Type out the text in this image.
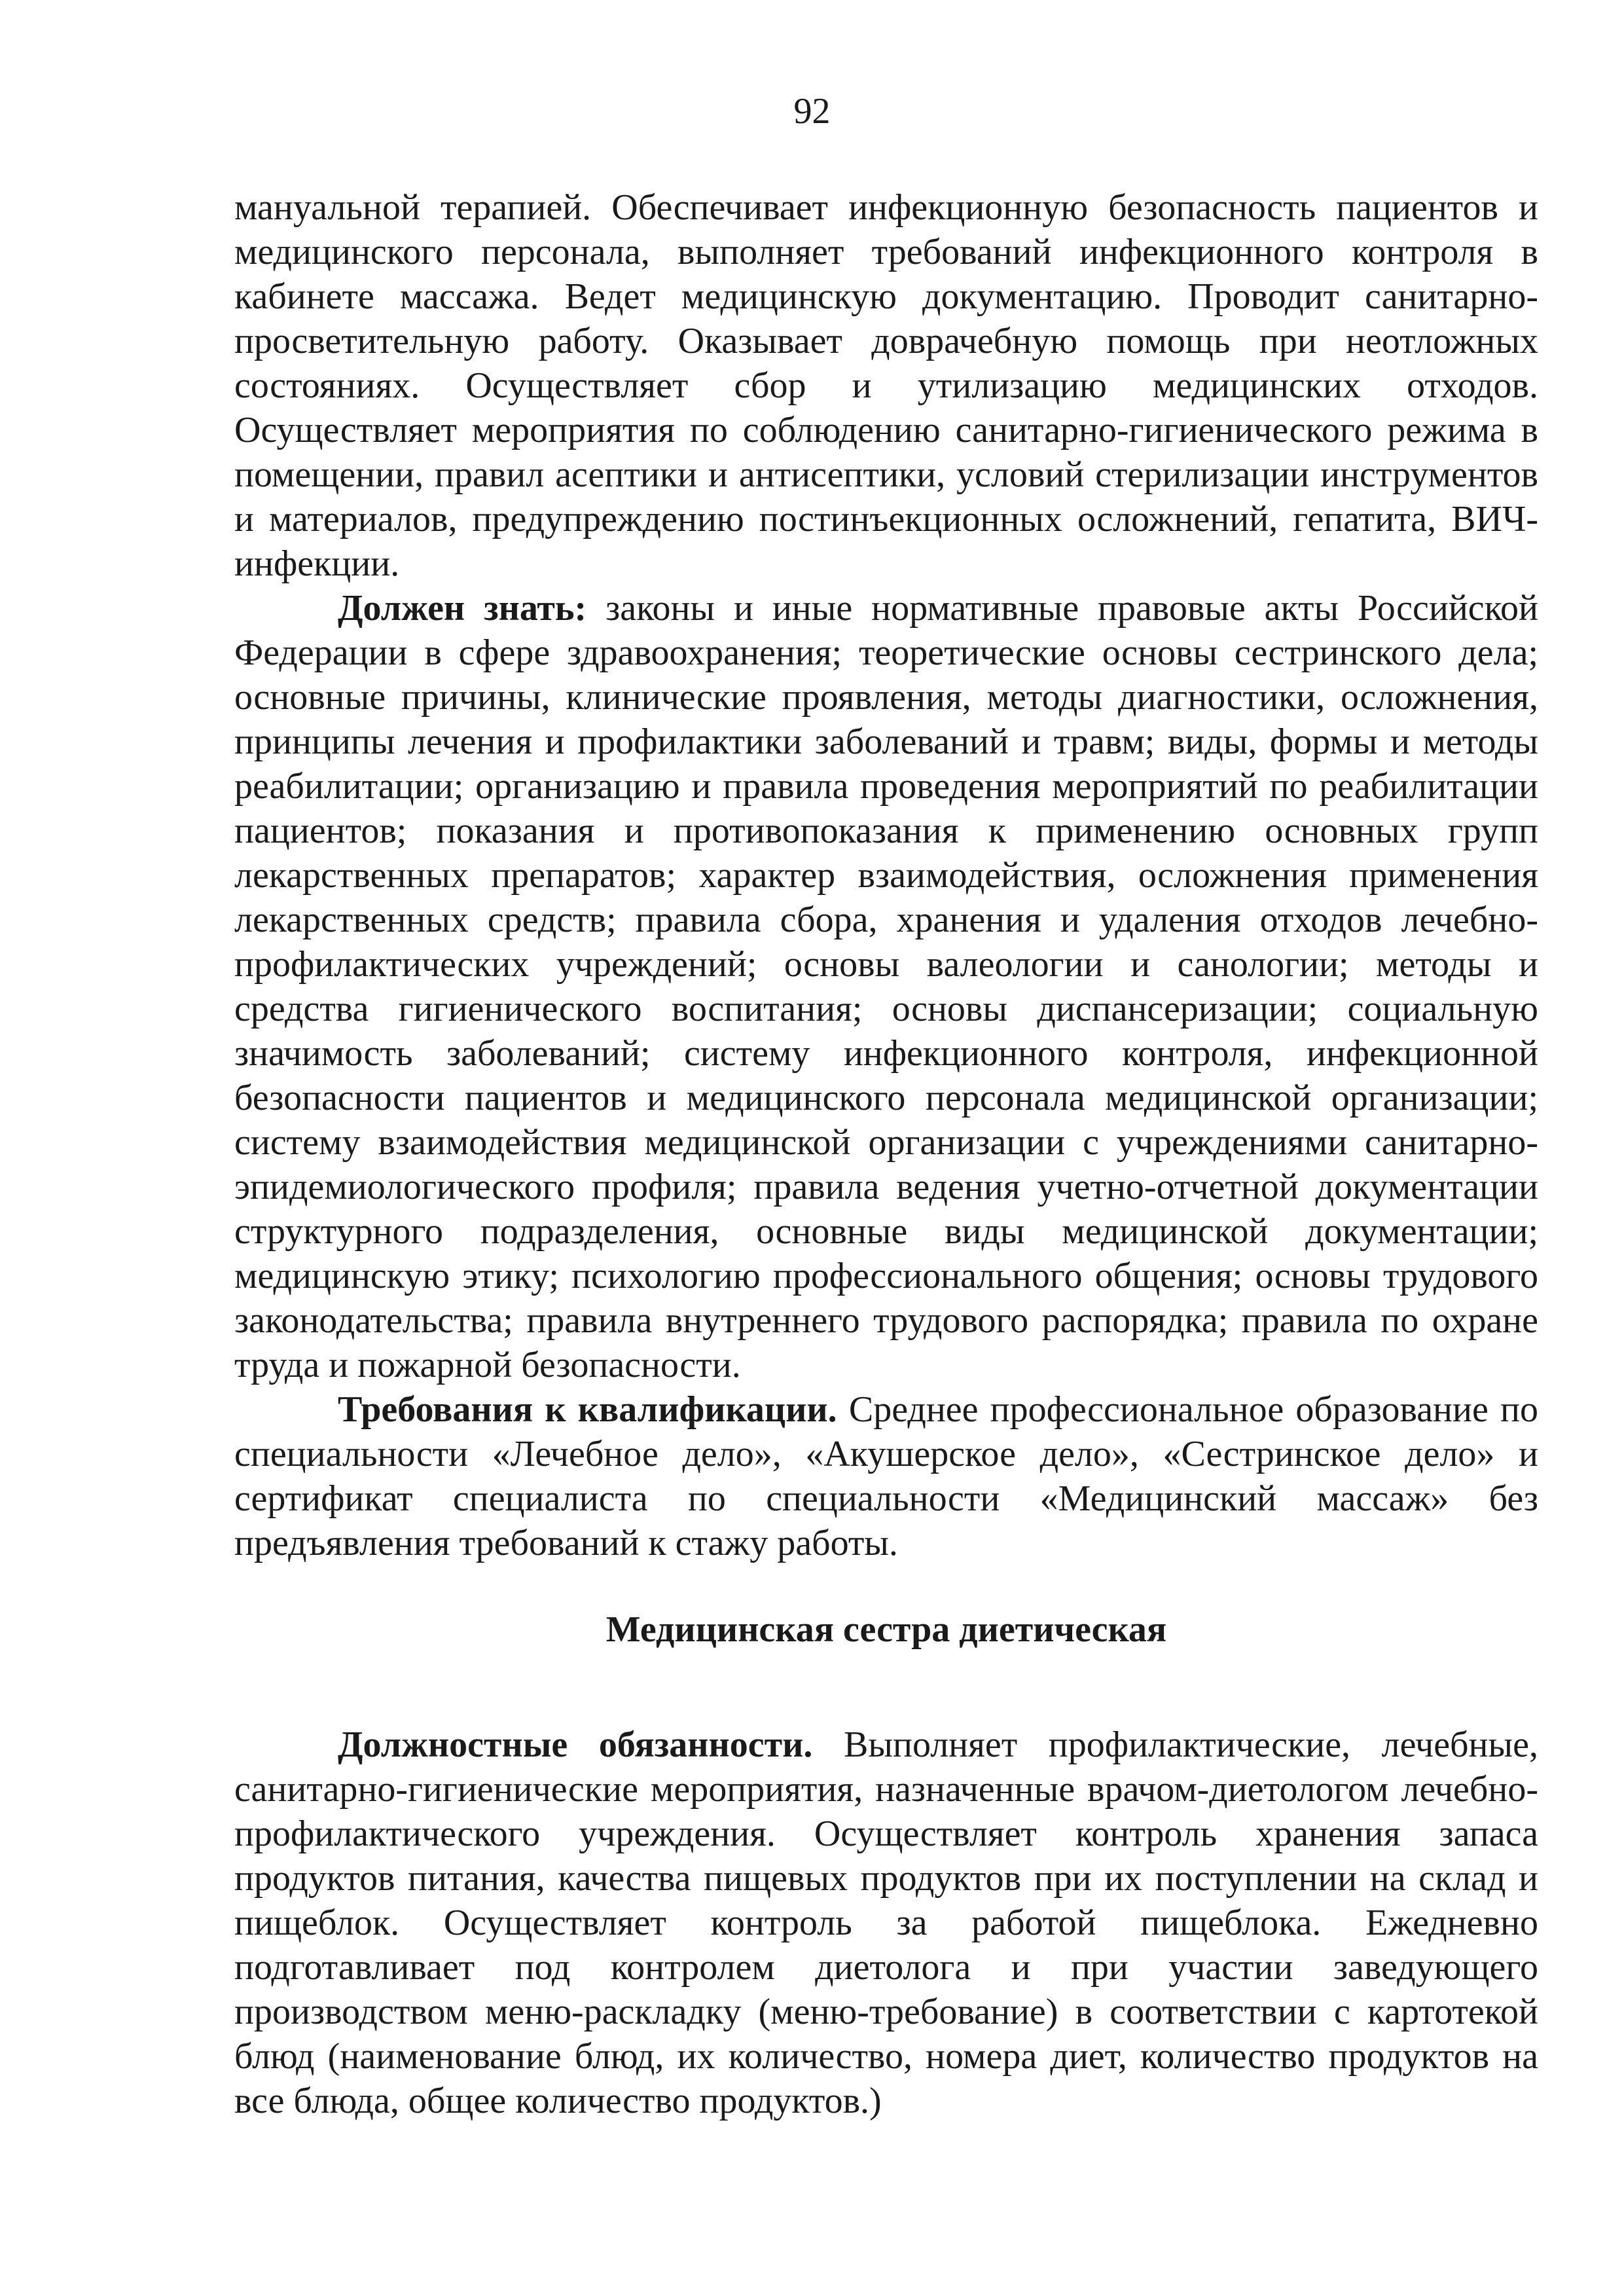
92

мануальной терапией. Обеспечивает инфекционную безопасность пациентов и медицинского персонала, выполняет требований инфекционного контроля в кабинете массажа. Ведет медицинскую документацию. Проводит санитарно-просветительную работу. Оказывает доврачебную помощь при неотложных состояниях. Осуществляет сбор и утилизацию медицинских отходов. Осуществляет мероприятия по соблюдению санитарно-гигиенического режима в помещении, правил асептики и антисептики, условий стерилизации инструментов и материалов, предупреждению постинъекционных осложнений, гепатита, ВИЧ-инфекции.

Должен знать: законы и иные нормативные правовые акты Российской Федерации в сфере здравоохранения; теоретические основы сестринского дела; основные причины, клинические проявления, методы диагностики, осложнения, принципы лечения и профилактики заболеваний и травм; виды, формы и методы реабилитации; организацию и правила проведения мероприятий по реабилитации пациентов; показания и противопоказания к применению основных групп лекарственных препаратов; характер взаимодействия, осложнения применения лекарственных средств; правила сбора, хранения и удаления отходов лечебно-профилактических учреждений; основы валеологии и санологии; методы и средства гигиенического воспитания; основы диспансеризации; социальную значимость заболеваний; систему инфекционного контроля, инфекционной безопасности пациентов и медицинского персонала медицинской организации; систему взаимодействия медицинской организации с учреждениями санитарно-эпидемиологического профиля; правила ведения учетно-отчетной документации структурного подразделения, основные виды медицинской документации; медицинскую этику; психологию профессионального общения; основы трудового законодательства; правила внутреннего трудового распорядка; правила по охране труда и пожарной безопасности.

Требования к квалификации. Среднее профессиональное образование по специальности «Лечебное дело», «Акушерское дело», «Сестринское дело» и сертификат специалиста по специальности «Медицинский массаж» без предъявления требований к стажу работы.

Медицинская сестра диетическая

Должностные обязанности. Выполняет профилактические, лечебные, санитарно-гигиенические мероприятия, назначенные врачом-диетологом лечебно-профилактического учреждения. Осуществляет контроль хранения запаса продуктов питания, качества пищевых продуктов при их поступлении на склад и пищеблок. Осуществляет контроль за работой пищеблока. Ежедневно подготавливает под контролем диетолога и при участии заведующего производством меню-раскладку (меню-требование) в соответствии с картотекой блюд (наименование блюд, их количество, номера диет, количество продуктов на все блюда, общее количество продуктов.)
